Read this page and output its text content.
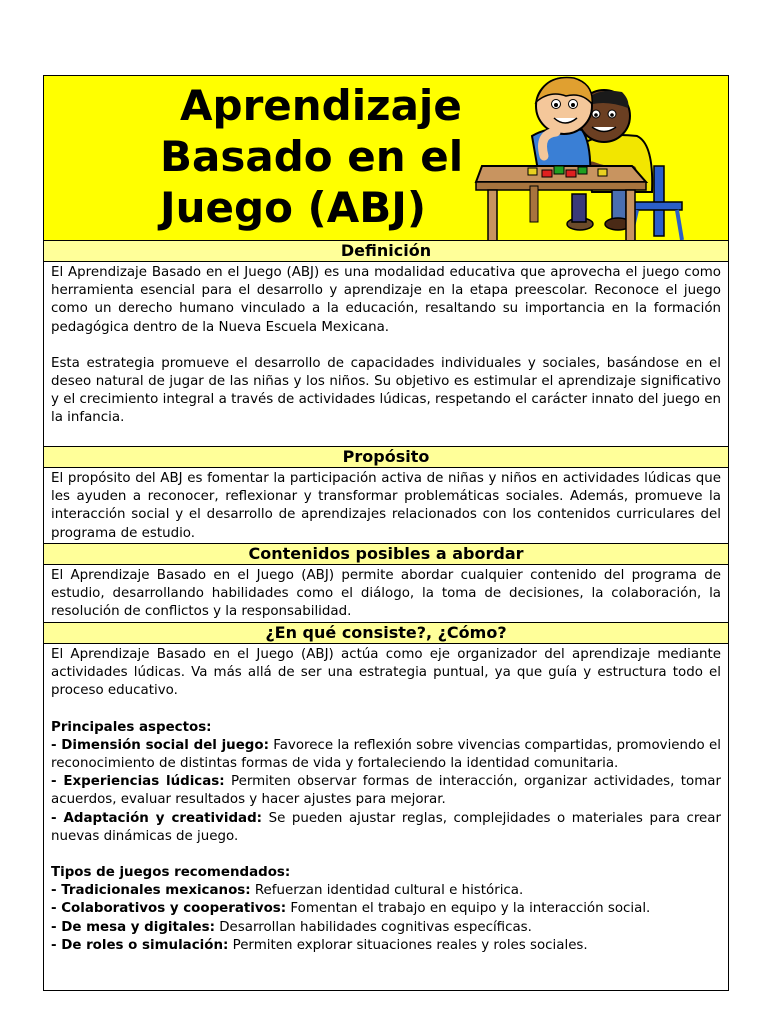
Aprendizaje
Basado en el
Juego (ABJ)
Definición

El Aprendizaje Basado en el Juego (ABJ) es una modalidad educativa que aprovecha el juego como herramienta esencial para el desarrollo y aprendizaje en la etapa preescolar. Reconoce el juego como un derecho humano vinculado a la educación, resaltando su importancia en la formación pedagógica dentro de la Nueva Escuela Mexicana.

Esta estrategia promueve el desarrollo de capacidades individuales y sociales, basándose en el deseo natural de jugar de las niñas y los niños. Su objetivo es estimular el aprendizaje significativo y el crecimiento integral a través de actividades lúdicas, respetando el carácter innato del juego en la infancia.

Propósito

El propósito del ABJ es fomentar la participación activa de niñas y niños en actividades lúdicas que les ayuden a reconocer, reflexionar y transformar problemáticas sociales. Además, promueve la interacción social y el desarrollo de aprendizajes relacionados con los contenidos curriculares del programa de estudio.

Contenidos posibles a abordar

El Aprendizaje Basado en el Juego (ABJ) permite abordar cualquier contenido del programa de estudio, desarrollando habilidades como el diálogo, la toma de decisiones, la colaboración, la resolución de conflictos y la responsabilidad.

¿En qué consiste?, ¿Cómo?

El Aprendizaje Basado en el Juego (ABJ) actúa como eje organizador del aprendizaje mediante actividades lúdicas. Va más allá de ser una estrategia puntual, ya que guía y estructura todo el proceso educativo.

Principales aspectos:

- Dimensión social del juego: Favorece la reflexión sobre vivencias compartidas, promoviendo el reconocimiento de distintas formas de vida y fortaleciendo la identidad comunitaria.

- Experiencias lúdicas: Permiten observar formas de interacción, organizar actividades, tomar acuerdos, evaluar resultados y hacer ajustes para mejorar.

- Adaptación y creatividad: Se pueden ajustar reglas, complejidades o materiales para crear nuevas dinámicas de juego.

Tipos de juegos recomendados:

- Tradicionales mexicanos: Refuerzan identidad cultural e histórica.

- Colaborativos y cooperativos: Fomentan el trabajo en equipo y la interacción social.

- De mesa y digitales: Desarrollan habilidades cognitivas específicas.

- De roles o simulación: Permiten explorar situaciones reales y roles sociales.
